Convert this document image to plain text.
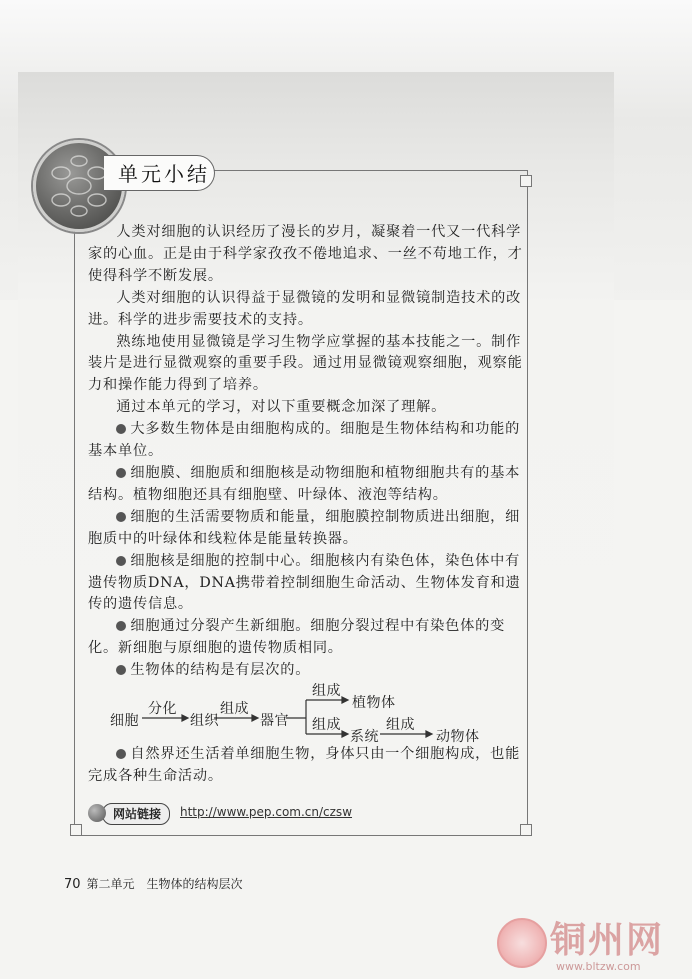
单元小结

人类对细胞的认识经历了漫长的岁月，凝聚着一代又一代科学家的心血。正是由于科学家孜孜不倦地追求、一丝不苟地工作，才使得科学不断发展。

人类对细胞的认识得益于显微镜的发明和显微镜制造技术的改进。科学的进步需要技术的支持。

熟练地使用显微镜是学习生物学应掌握的基本技能之一。制作装片是进行显微观察的重要手段。通过用显微镜观察细胞，观察能力和操作能力得到了培养。

通过本单元的学习，对以下重要概念加深了理解。

大多数生物体是由细胞构成的。细胞是生物体结构和功能的基本单位。

细胞膜、细胞质和细胞核是动物细胞和植物细胞共有的基本结构。植物细胞还具有细胞壁、叶绿体、液泡等结构。

细胞的生活需要物质和能量，细胞膜控制物质进出细胞，细胞质中的叶绿体和线粒体是能量转换器。

细胞核是细胞的控制中心。细胞核内有染色体，染色体中有遗传物质DNA，DNA携带着控制细胞生命活动、生物体发育和遗传的遗传信息。

细胞通过分裂产生新细胞。细胞分裂过程中有染色体的变化。新细胞与原细胞的遗传物质相同。

生物体的结构是有层次的。

细胞
分化
组织
组成
器官
组成
植物体
组成
系统
组成
动物体

自然界还生活着单细胞生物，身体只由一个细胞构成，也能完成各种生命活动。

网站链接	http://www.pep.com.cn/czsw
70 第二单元　生物体的结构层次
铜州网
www.bltzw.com
